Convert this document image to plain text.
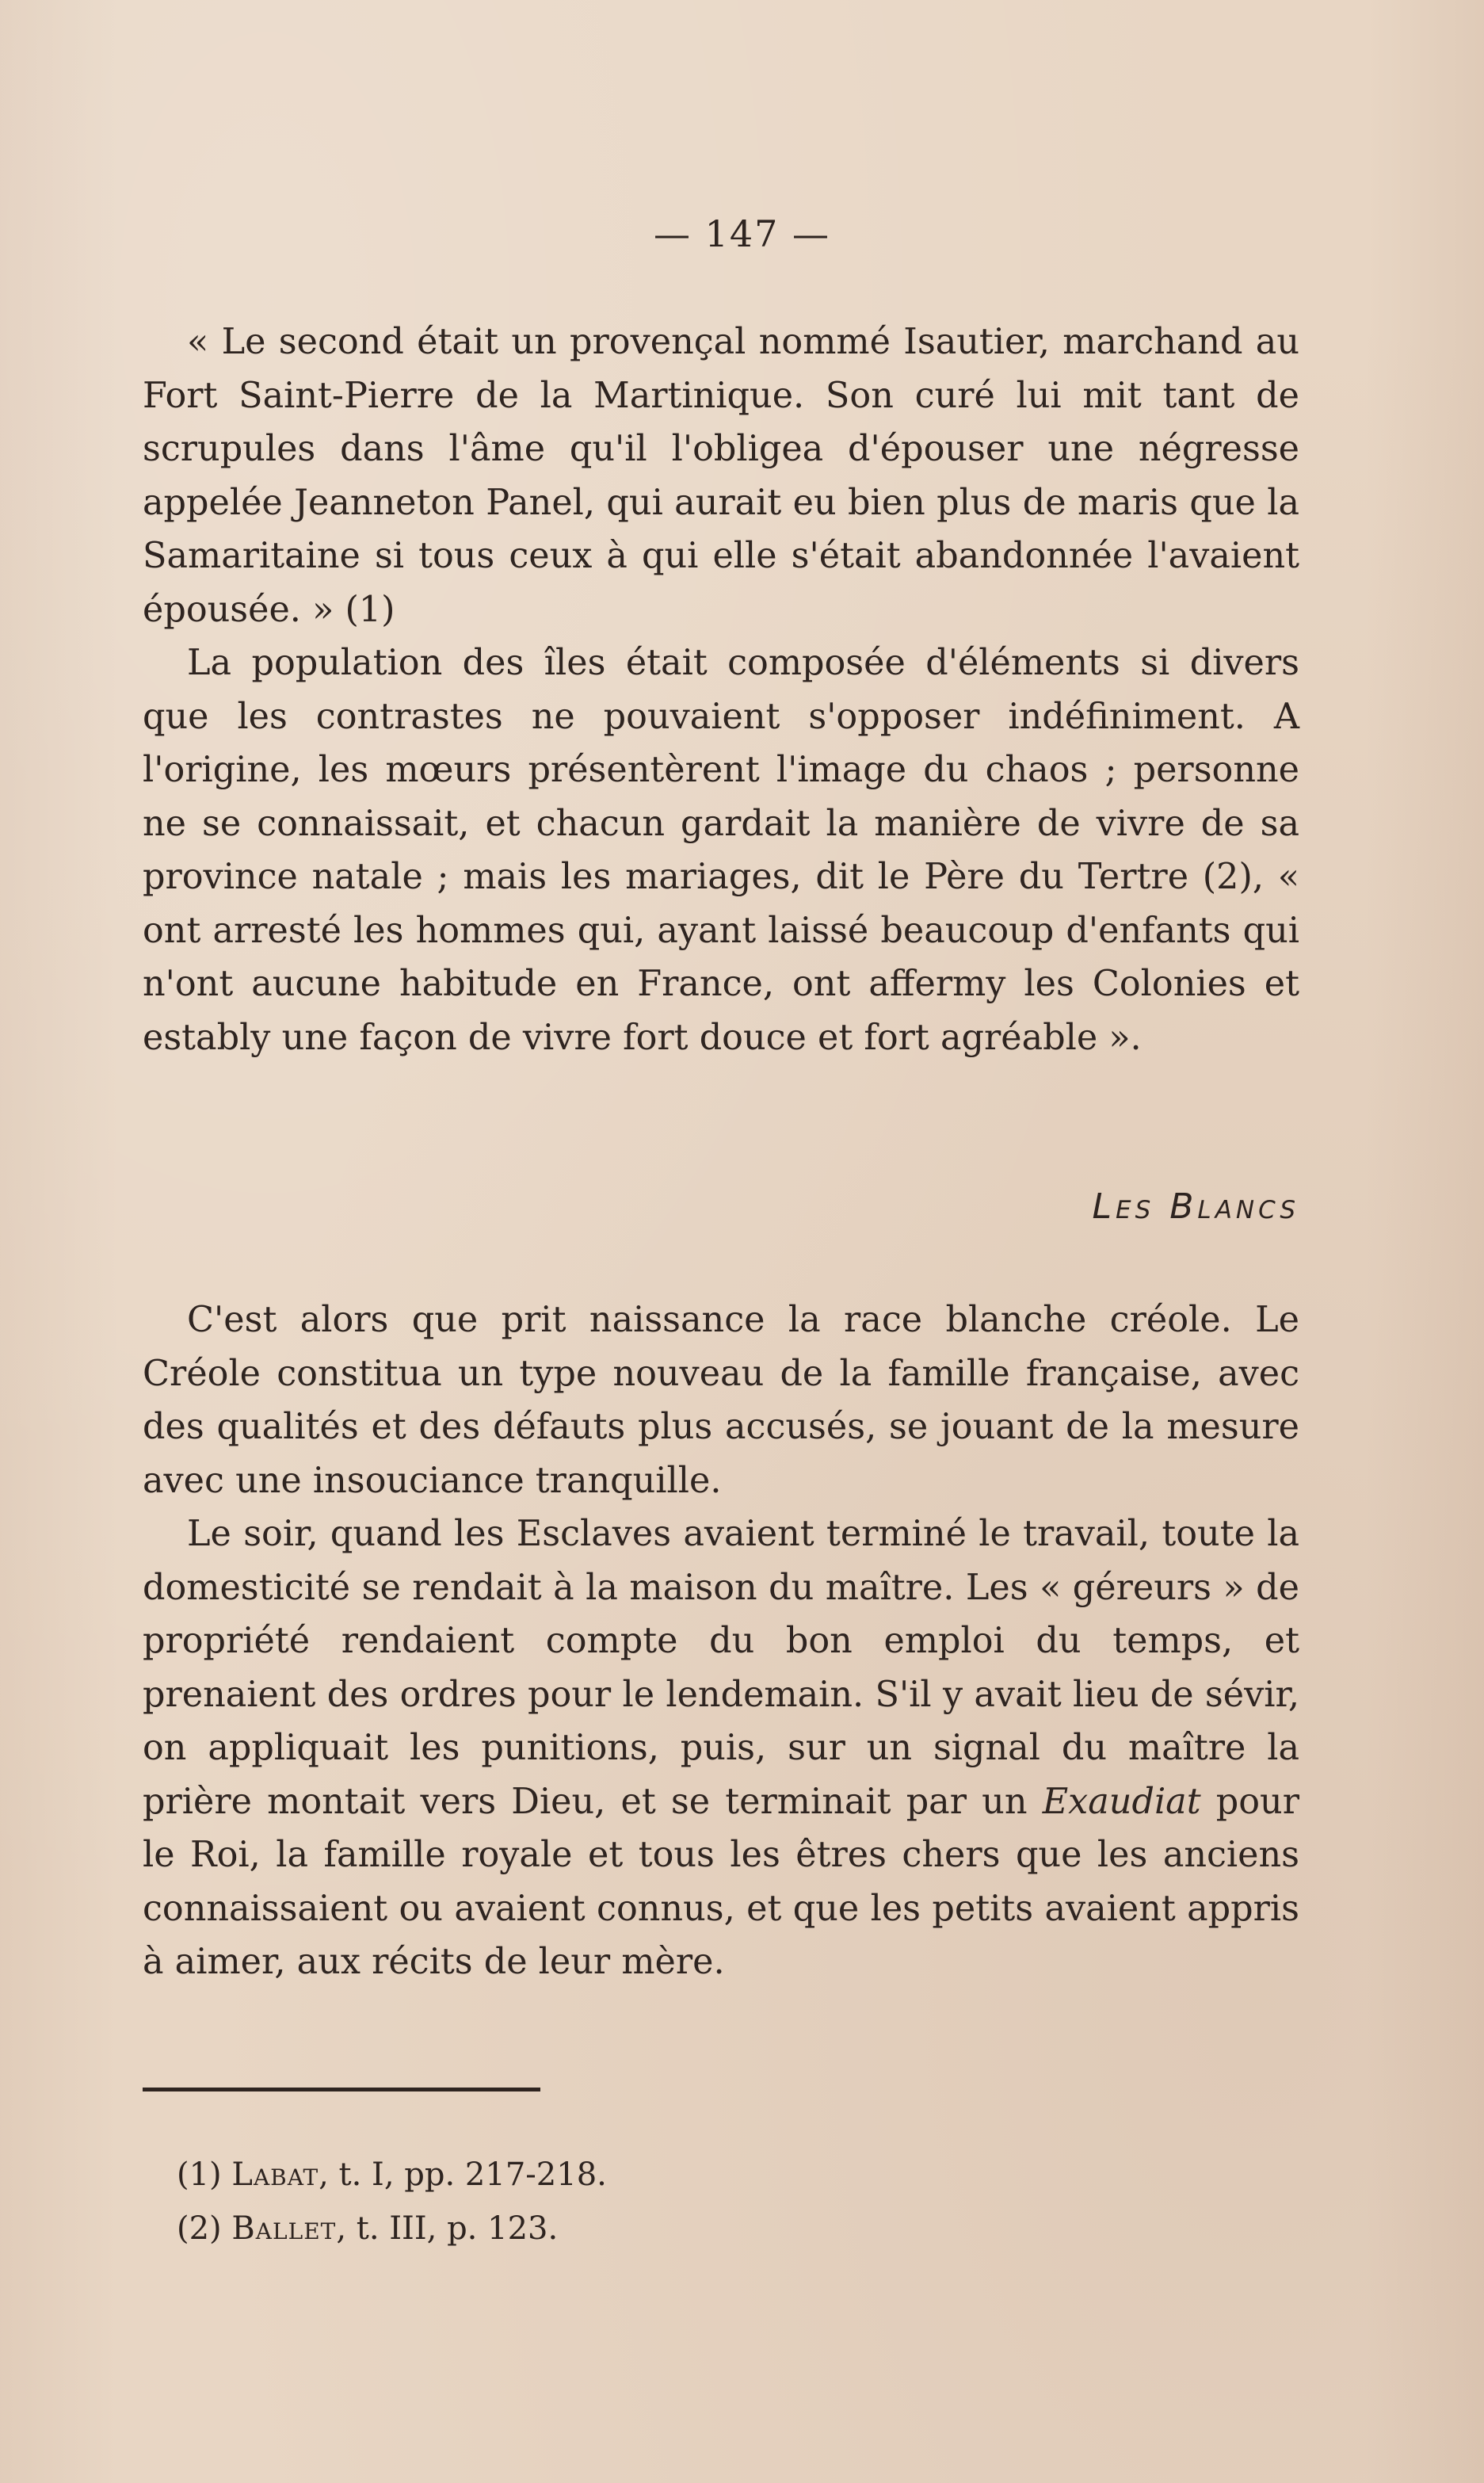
— 147 —

« Le second était un provençal nommé Isautier, marchand au Fort Saint-Pierre de la Martinique. Son curé lui mit tant de scrupules dans l'âme qu'il l'obligea d'épouser une négresse appelée Jeanneton Panel, qui aurait eu bien plus de maris que la Samaritaine si tous ceux à qui elle s'était abandonnée l'avaient épousée. » (1)

La population des îles était composée d'éléments si divers que les contrastes ne pouvaient s'opposer indéfiniment. A l'origine, les mœurs présentèrent l'image du chaos ; personne ne se connaissait, et chacun gardait la manière de vivre de sa province natale ; mais les mariages, dit le Père du Tertre (2), « ont arresté les hommes qui, ayant laissé beaucoup d'enfants qui n'ont aucune habitude en France, ont affermy les Colonies et estably une façon de vivre fort douce et fort agréable ».

Les Blancs

C'est alors que prit naissance la race blanche créole. Le Créole constitua un type nouveau de la famille française, avec des qualités et des défauts plus accusés, se jouant de la mesure avec une insouciance tranquille.

Le soir, quand les Esclaves avaient terminé le travail, toute la domesticité se rendait à la maison du maître. Les « géreurs » de propriété rendaient compte du bon emploi du temps, et prenaient des ordres pour le lendemain. S'il y avait lieu de sévir, on appliquait les punitions, puis, sur un signal du maître la prière montait vers Dieu, et se terminait par un Exaudiat pour le Roi, la famille royale et tous les êtres chers que les anciens connaissaient ou avaient connus, et que les petits avaient appris à aimer, aux récits de leur mère.

(1) Labat, t. I, pp. 217-218.
(2) Ballet, t. III, p. 123.
